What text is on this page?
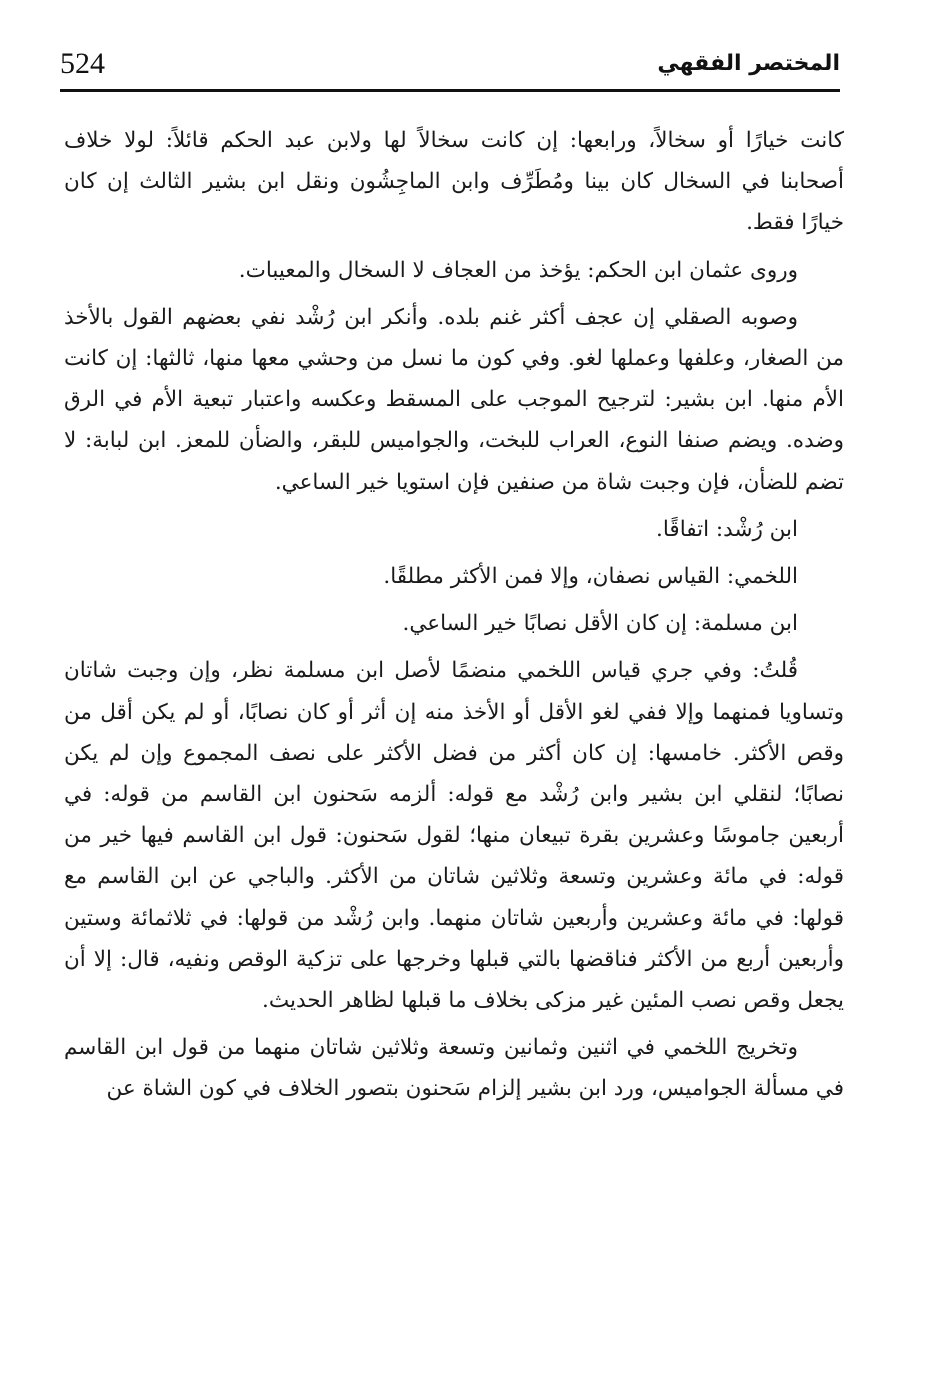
524	المختصر الفقهي

كانت خيارًا أو سخالاً، ورابعها: إن كانت سخالاً لها ولابن عبد الحكم قائلاً: لولا خلاف أصحابنا في السخال كان بينا ومُطَرِّف وابن الماجِشُون ونقل ابن بشير الثالث إن كان خيارًا فقط.

وروى عثمان ابن الحكم: يؤخذ من العجاف لا السخال والمعيبات.

وصوبه الصقلي إن عجف أكثر غنم بلده. وأنكر ابن رُشْد نفي بعضهم القول بالأخذ من الصغار، وعلفها وعملها لغو. وفي كون ما نسل من وحشي معها منها، ثالثها: إن كانت الأم منها. ابن بشير: لترجيح الموجب على المسقط وعكسه واعتبار تبعية الأم في الرق وضده. ويضم صنفا النوع، العراب للبخت، والجواميس للبقر، والضأن للمعز. ابن لبابة: لا تضم للضأن، فإن وجبت شاة من صنفين فإن استويا خير الساعي.

ابن رُشْد: اتفاقًا.

اللخمي: القياس نصفان، وإلا فمن الأكثر مطلقًا.

ابن مسلمة: إن كان الأقل نصابًا خير الساعي.

قُلتُ: وفي جري قياس اللخمي منضمًا لأصل ابن مسلمة نظر، وإن وجبت شاتان وتساويا فمنهما وإلا ففي لغو الأقل أو الأخذ منه إن أثر أو كان نصابًا، أو لم يكن أقل من وقص الأكثر. خامسها: إن كان أكثر من فضل الأكثر على نصف المجموع وإن لم يكن نصابًا؛ لنقلي ابن بشير وابن رُشْد مع قوله: ألزمه سَحنون ابن القاسم من قوله: في أربعين جاموسًا وعشرين بقرة تبيعان منها؛ لقول سَحنون: قول ابن القاسم فيها خير من قوله: في مائة وعشرين وتسعة وثلاثين شاتان من الأكثر. والباجي عن ابن القاسم مع قولها: في مائة وعشرين وأربعين شاتان منهما. وابن رُشْد من قولها: في ثلاثمائة وستين وأربعين أربع من الأكثر فناقضها بالتي قبلها وخرجها على تزكية الوقص ونفيه، قال: إلا أن يجعل وقص نصب المئين غير مزكى بخلاف ما قبلها لظاهر الحديث.

وتخريج اللخمي في اثنين وثمانين وتسعة وثلاثين شاتان منهما من قول ابن القاسم في مسألة الجواميس، ورد ابن بشير إلزام سَحنون بتصور الخلاف في كون الشاة عن
